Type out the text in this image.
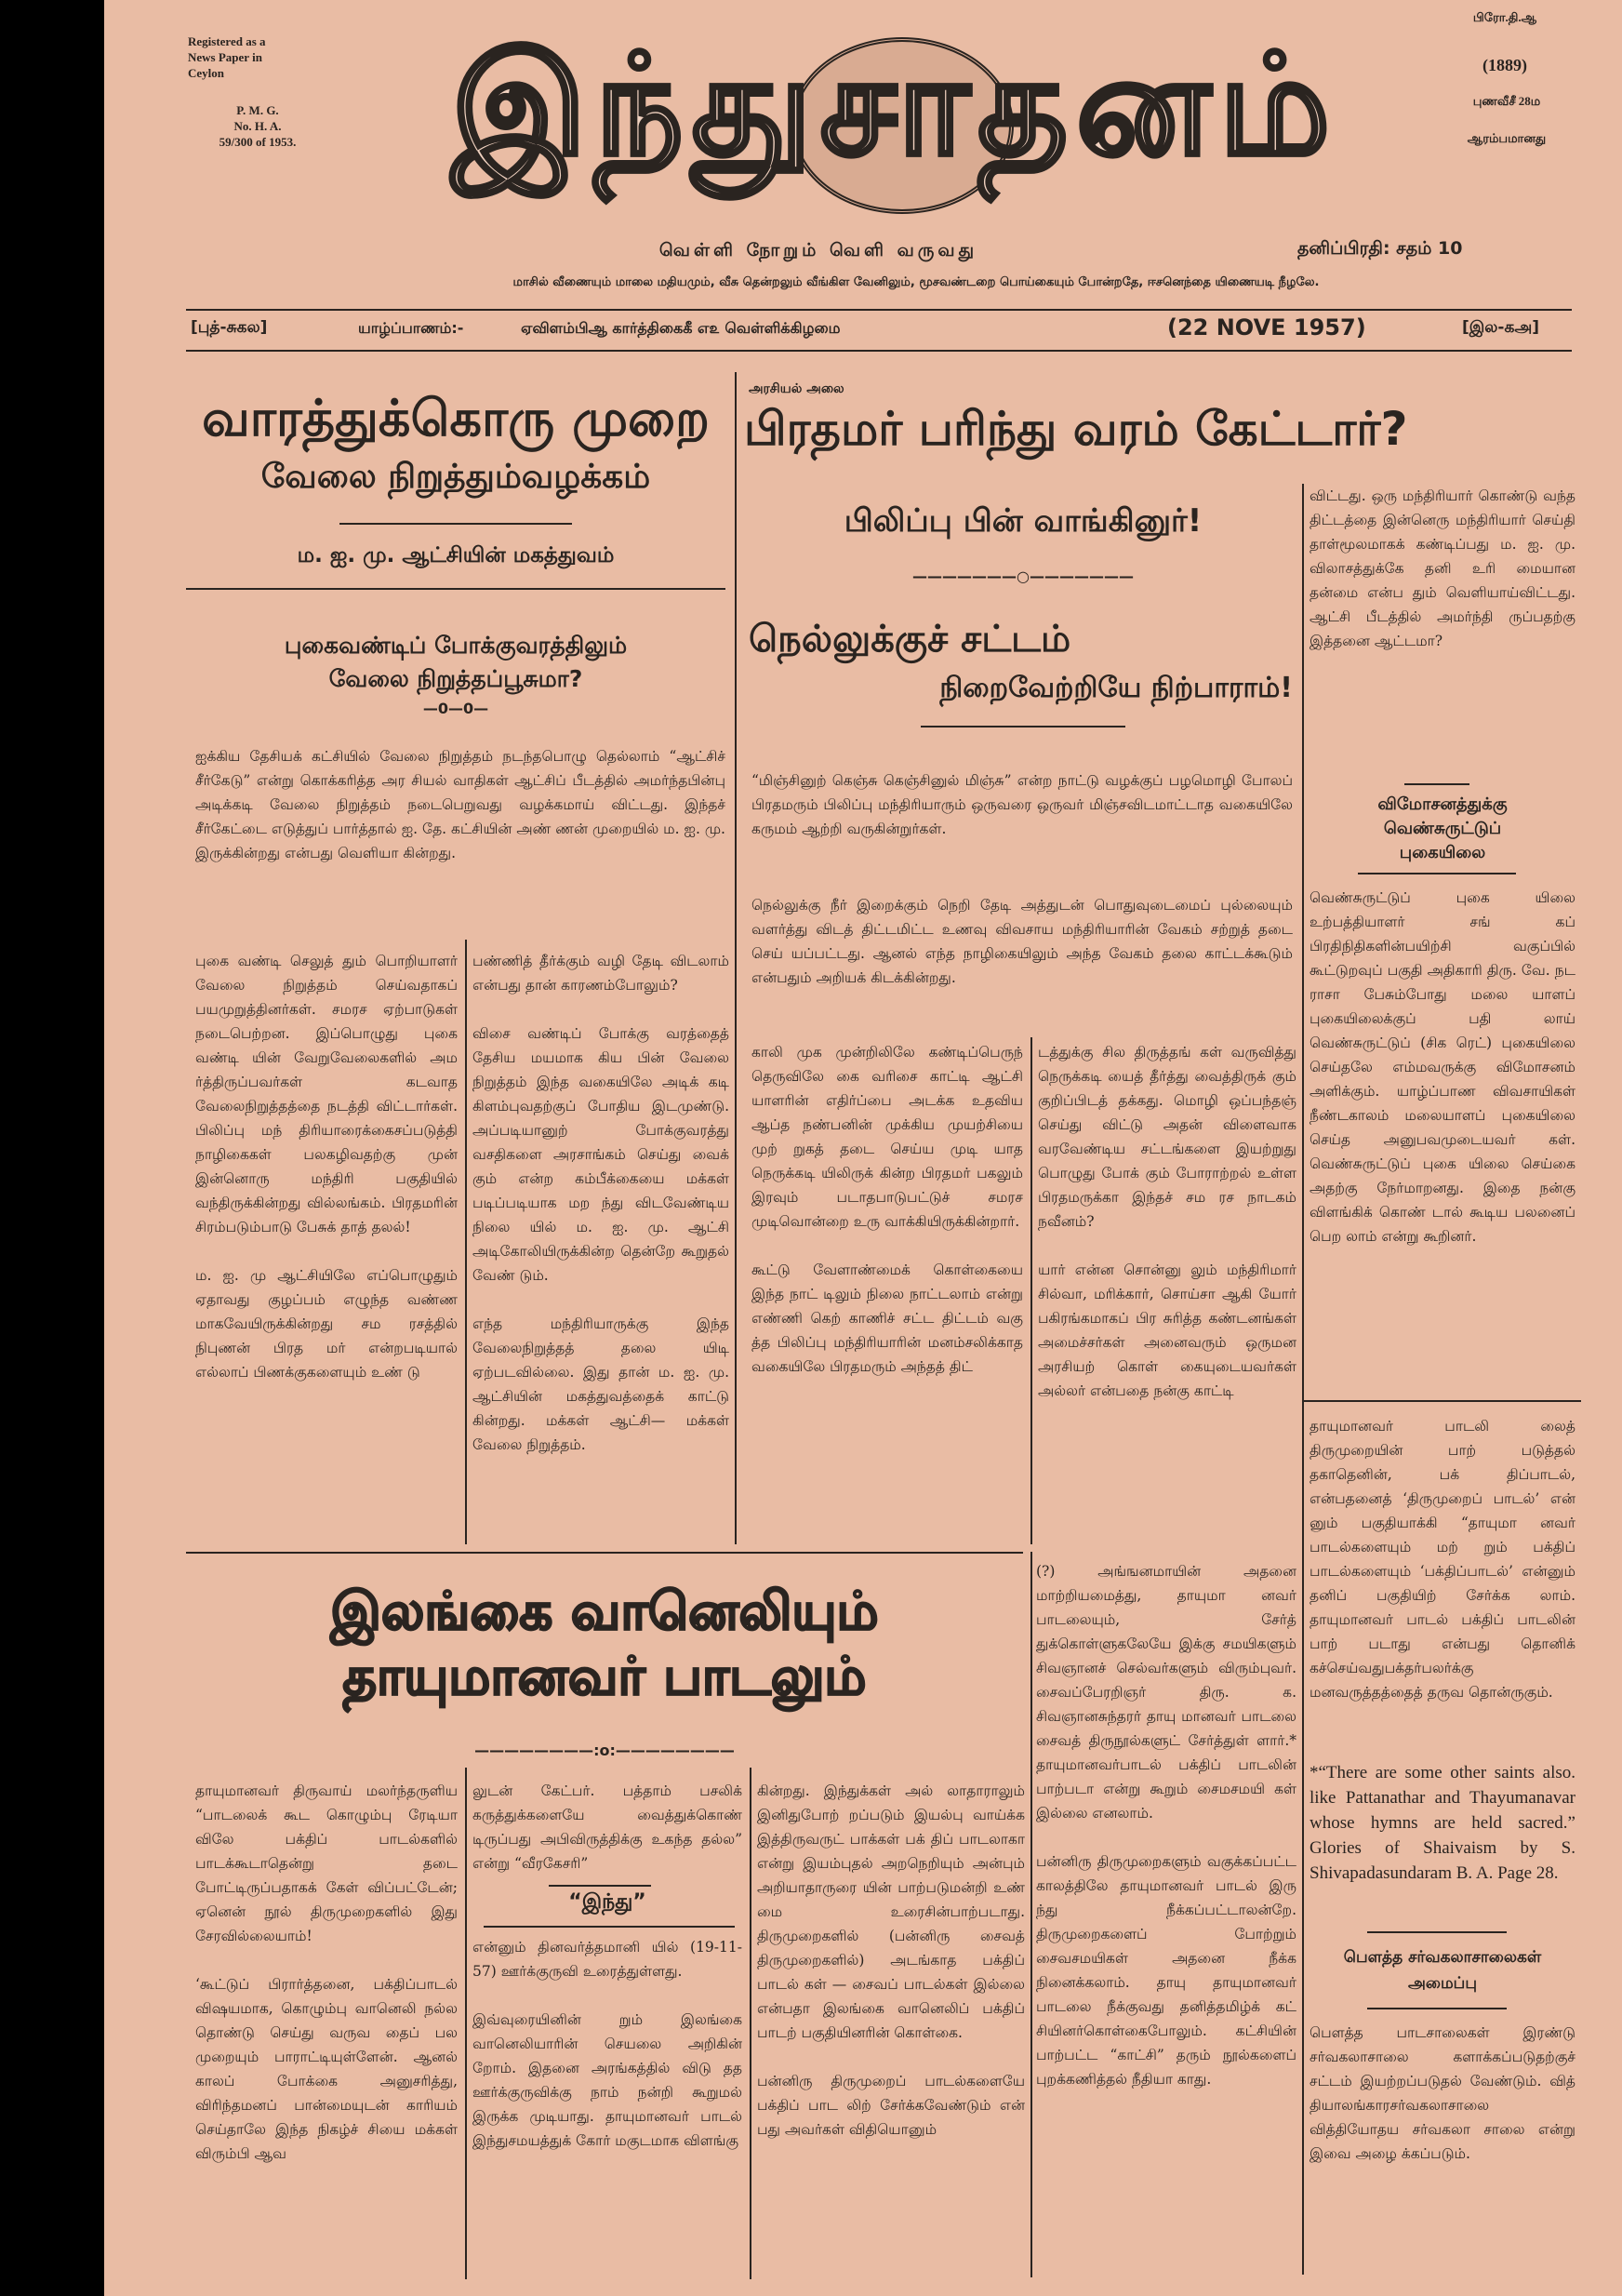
Registered as a
News Paper in
Ceylon
P. M. G.
No. H. A.
59/300 of 1953.	இந்துசாதனம்
பிரோ.தி.ஆ
(1889)
புணவீசீ 28ம
ஆரம்பமானது
வெள்ளி நோறும் வெளி வருவது	தனிப்பிரதி: சதம் 10
மாசில் வீணையும் மாலை மதியமும், வீசு தென்றலும் வீங்கிள வேனிலும், மூசவண்டறை பொய்கையும் போன்றதே, ஈசனெந்தை யிணையடி நீழலே.
[புத்-சுகல]	யாழ்ப்பாணம்:-	ஏவிளம்பிஆ கார்த்திகைகீ எ௨ வெள்ளிக்கிழமை	(22 NOVE 1957)	[இல-கஅ]
வாரத்துக்கொரு முறை
வேலை நிறுத்தும்வழக்கம்
ம. ஐ. மு. ஆட்சியின் மகத்துவம்
புகைவண்டிப் போக்குவரத்திலும்
வேலை நிறுத்தப்பூசுமா?
—0—0—
ஐக்கிய தேசியக் கட்சியில் வேலை நிறுத்தம் நடந்தபொழு தெல்லாம் “ஆட்சிச் சீர்கேடு” என்று கொக்கரித்த அர சியல் வாதிகள் ஆட்சிப் பீடத்தில் அமர்ந்தபின்பு அடிக்கடி வேலை நிறுத்தம் நடைபெறுவது வழக்கமாய் விட்டது. இந்தச் சீர்கேட்டை எடுத்துப் பார்த்தால் ஐ. தே. கட்சியின் அண் ணன் முறையில் ம. ஐ. மு. இருக்கின்றது என்பது வெளியா கின்றது.
புகை வண்டி செலுத் தும் பொறியாளர் வேலை நிறுத்தம் செய்வதாகப் பயமுறுத்தினர்கள். சமரச ஏற்பாடுகள் நடைபெற்றன. இப்பொழுது புகை வண்டி யின் வேறுவேலைகளில் அம ர்த்திருப்பவர்கள் கடவாத வேலைநிறுத்தத்தை நடத்தி விட்டார்கள். பிலிப்பு மந் திரியாரைக்கைசப்படுத்தி நாழிகைகள் பலகழிவதற்கு முன் இன்னொரு மந்திரி பகுதியில் வந்திருக்கின்றது வில்லங்கம். பிரதமரின் சிரம்படும்பாடு பேசுக் தாத் தலல்!

ம. ஐ. மு ஆட்சியிலே எப்பொழுதும் ஏதாவது குழப்பம் எழுந்த வண்ண மாகவேயிருக்கின்றது சம ரசத்தில் நிபுணன் பிரத மர் என்றபடியால் எல்லாப் பிணக்குகளையும் உண் டு
பண்ணித் தீர்க்கும் வழி தேடி விடலாம் என்பது தான் காரணம்போலும்?

விசை வண்டிப் போக்கு வரத்தைத் தேசிய மயமாக கிய பின் வேலை நிறுத்தம் இந்த வகையிலே அடிக் கடி கிளம்புவதற்குப் போதிய இடமுண்டு. அப்படியானுற் போக்குவரத்து வசதிகளை அரசாங்கம் செய்து வைக் கும் என்ற கம்பீக்கையை மக்கள் படிப்படியாக மற ந்து விடவேண்டிய நிலை யில் ம. ஐ. மு. ஆட்சி அடிகோலியிருக்கின்ற தென்றே கூறுதல் வேண் டும்.

எந்த மந்திரியாருக்கு இந்த வேலைநிறுத்தத் தலை யிடி ஏற்படவில்லை. இது தான் ம. ஐ. மு. ஆட்சியின் மகத்துவத்தைக் காட்டு கின்றது. மக்கள் ஆட்சி— மக்கள் வேலை நிறுத்தம்.
அரசியல் அலை
பிரதமர் பரிந்து வரம் கேட்டார்?
பிலிப்பு பின் வாங்கினுர்!
———————○———————
நெல்லுக்குச் சட்டம்
நிறைவேற்றியே நிற்பாராம்!
“மிஞ்சினுற் கெஞ்சு கெஞ்சினுல் மிஞ்சு” என்ற நாட்டு வழக்குப் பழமொழி போலப் பிரதமரும் பிலிப்பு மந்திரியாரும் ஒருவரை ஒருவர் மிஞ்சவிடமாட்டாத வகையிலே கருமம் ஆற்றி வருகின்றுர்கள்.
நெல்லுக்கு நீர் இறைக்கும் நெறி தேடி அத்துடன் பொதுவுடைமைப் புல்லையும் வளர்த்து விடத் திட்டமிட்ட உணவு விவசாய மந்திரியாரின் வேகம் சற்றுத் தடை செய் யப்பட்டது. ஆனல் எந்த நாழிகையிலும் அந்த வேகம் தலை காட்டக்கூடும் என்பதும் அறியக் கிடக்கின்றது.
காலி முக முன்றிலிலே கண்டிப்பெருந் தெருவிலே கை வரிசை காட்டி ஆட்சி யாளரின் எதிர்ப்பை அடக்க உதவிய ஆப்த நண்பனின் முக்கிய முயற்சியை முற் றுகத் தடை செய்ய முடி யாத நெருக்கடி யிலிருக் கின்ற பிரதமர் பகலும் இரவும் படாதபாடுபட்டுச் சமரச முடிவொன்றை உரு வாக்கியிருக்கின்றார்.

கூட்டு வேளாண்மைக் கொள்கையை இந்த நாட் டிலும் நிலை நாட்டலாம் என்று எண்ணி கெற் காணிச் சட்ட திட்டம் வகு த்த பிலிப்பு மந்திரியாரின் மனம்சலிக்காத வகையிலே பிரதமரும் அந்தத் திட்
டத்துக்கு சில திருத்தங் கள் வருவித்து நெருக்கடி யைத் தீர்த்து வைத்திருக் கும் குறிப்பிடத் தக்கது. மொழி ஒப்பந்தஞ் செய்து விட்டு அதன் விளைவாக வரவேண்டிய சட்டங்களை இயற்றுது பொழுது போக் கும் போராற்றல் உள்ள பிரதமருக்கா இந்தச் சம ரச நாடகம் நவீனம்?

யார் என்ன சொன்னு லும் மந்திரிமார் சில்வா, மரிக்கார், சொய்சா ஆகி யோர் பகிரங்கமாகப் பிர சுரித்த கண்டனங்கள் அமைச்சர்கள் அனைவரும் ஒருமன அரசியற் கொள் கையுடையவர்கள் அல்லர் என்பதை நன்கு காட்டி
விட்டது. ஒரு மந்திரியார் கொண்டு வந்த திட்டத்தை இன்னெரு மந்திரியார் செய்தி தாள்மூலமாகக் கண்டிப்பது ம. ஐ. மு. விலாசத்துக்கே தனி உரி மையான தன்மை என்ப தும் வெளியாய்விட்டது. ஆட்சி பீடத்தில் அமர்ந்தி ருப்பதற்கு இத்தனை ஆட்டமா?
விமோசனத்துக்கு
வெண்சுருட்டுப்
புகையிலை
வெண்சுருட்டுப் புகை யிலை உற்பத்தியாளர் சங் கப் பிரதிநிதிகளின்பயிற்சி வகுப்பில் கூட்டுறவுப் பகுதி அதிகாரி திரு. வே. நட ராசா பேசும்போது மலை யாளப் புகையிலைக்குப் பதி லாய் வெண்சுருட்டுப் (சிக ரெட்) புகையிலை செய்தலே எம்மவருக்கு விமோசனம் அளிக்கும். யாழ்ப்பாண விவசாயிகள் நீண்டகாலம் மலையாளப் புகையிலை செய்த அனுபவமுடையவர் கள். வெண்சுருட்டுப் புகை யிலை செய்கை அதற்கு நேர்மாறனது. இதை நன்கு விளங்கிக் கொண் டால் கூடிய பலனைப் பெற லாம் என்று கூறினர்.
இலங்கை வானெலியும்
தாயுமானவர் பாடலும்
————————:o:————————
தாயுமானவர் திருவாய் மலர்ந்தருளிய “பாடலைக் கூட கொழும்பு ரேடியா விலே பக்திப் பாடல்களில் பாடக்கூடாதென்று தடை போட்டிருப்பதாகக் கேள் விப்பட்டேன்; ஏனென் நூல் திருமுறைகளில் இது சேரவில்லையாம்!

‘கூட்டுப் பிரார்த்தனை, பக்திப்பாடல் விஷயமாக, கொழும்பு வானெலி நல்ல தொண்டு செய்து வருவ தைப் பல முறையும் பாராட்டியுள்ளேன். ஆனல் காலப் போக்கை அனுசரித்து, விரிந்தமனப் பான்மையுடன் காரியம் செய்தாலே இந்த நிகழ்ச் சியை மக்கள் விரும்பி ஆவ
லுடன் கேட்பர். பத்தாம் பசலிக் கருத்துக்களையே வைத்துக்கொண் டிருப்பது அபிவிருத்திக்கு உகந்த தல்ல” என்று “வீரகேசரி”
“இந்து”
என்னும் தினவர்த்தமானி யில் (19-11-57) ஊர்க்குருவி உரைத்துள்ளது.

இவ்வுரையினின் றும் இலங்கை வானெலியாரின் செயலை அறிகின் றோம். இதனை அரங்கத்தில் விடு தத ஊர்க்குருவிக்கு நாம் நன்றி கூறுமல் இருக்க முடியாது. தாயுமானவர் பாடல் இந்துசமயத்துக் கோர் மகுடமாக விளங்கு
கின்றது. இந்துக்கள் அல் லாதாராலும் இனிதுபோற் றப்படும் இயல்பு வாய்க்க இத்திருவருட் பாக்கள் பக் திப் பாடலாகா என்று இயம்புதல் அறநெறியும் அன்பும் அறியாதாருரை யின் பாற்படுமன்றி உண் மை உரைசின்பாற்படாது. திருமுறைகளில் (பன்னிரு சைவத் திருமுறைகளில்) அடங்காத பக்திப் பாடல் கள் — சைவப் பாடல்கள் இல்லை என்பதா இலங்கை வானெலிப் பக்திப் பாடற் பகுதியினரின் கொள்கை.

பன்னிரு திருமுறைப் பாடல்களையே பக்திப் பாட லிற் சேர்க்கவேண்டும் என் பது அவர்கள் விதியொனும்
(?) அங்ஙனமாயின் அதனை மாற்றியமைத்து, தாயுமா னவர் பாடலையும், சேர்த் துக்கொள்ளுகலேயே இக்கு சமயிகளும் சிவஞானச் செல்வர்களும் விரும்புவர். சைவப்பேரறிஞர் திரு. க. சிவஞானசுந்தரர் தாயு மானவர் பாடலை சைவத் திருநூல்களுட் சேர்த்துள் ளார்.* தாயுமானவர்பாடல் பக்திப் பாடலின் பாற்படா என்று கூறும் சைமசமயி கள் இல்லை எனலாம்.

பன்னிரு திருமுறைகளும் வகுக்கப்பட்ட காலத்திலே தாயுமானவர் பாடல் இரு ந்து நீக்கப்பட்டாலன்றே. திருமுறைகளைப் போற்றும் சைவசமயிகள் அதனை நீக்க நினைக்கலாம். தாயு தாயுமானவர் பாடலை நீக்குவது தனித்தமிழ்க் கட் சியினர்கொள்கைபோலும். கட்சியின் பாற்பட்ட “காட்சி” தரும் நூல்களைப் புறக்கணித்தல் நீதியா காது.
தாயுமானவர் பாடலி லைத் திருமுறையின் பாற் படுத்தல் தகாதெனின், பக் திப்பாடல், என்பதனைத் ‘திருமுறைப் பாடல்’ என் னும் பகுதியாக்கி “தாயுமா னவர் பாடல்களையும் மற் றும் பக்திப் பாடல்களையும் ‘பக்திப்பாடல்’ என்னும் தனிப் பகுதியிற் சேர்க்க லாம். தாயுமானவர் பாடல் பக்திப் பாடலின் பாற் படாது என்பது தொனிக் கச்செய்வதுபக்தர்பலர்க்கு மனவருத்தத்தைத் தருவ தொன்ருகும்.
*“There are some other saints also. like Pattanathar and Thayumanavar whose hymns are held sacred.” Glories of Shaivaism by S. Shivapadasundaram B. A. Page 28.
பௌத்த சர்வகலாசாலைகள்
அமைப்பு
பௌத்த பாடசாலைகள் இரண்டு சர்வகலாசாலை களாக்கப்படுதற்குச் சட்டம் இயற்றப்படுதல் வேண்டும். வித் தியாலங்காரசர்வகலாசாலை வித்தியோதய சர்வகலா சாலை என்று இவை அழை க்கப்படும்.
